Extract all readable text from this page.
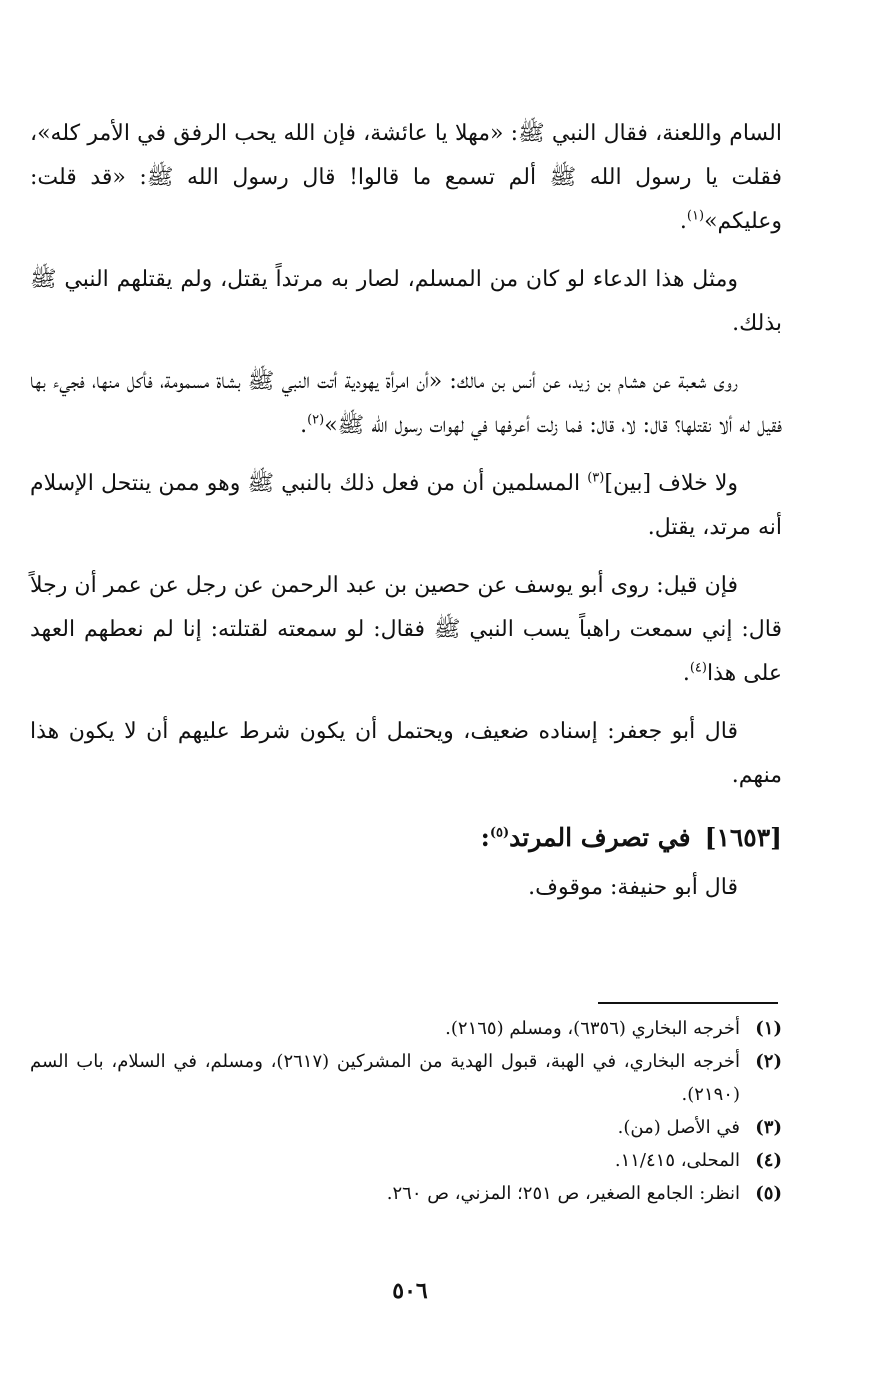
السام واللعنة، فقال النبي ﷺ: «مهلا يا عائشة، فإن الله يحب الرفق في الأمر كله»، فقلت يا رسول الله ﷺ ألم تسمع ما قالوا! قال رسول الله ﷺ: «قد قلت: وعليكم»$^{(١)}$.

ومثل هذا الدعاء لو كان من المسلم، لصار به مرتداً يقتل، ولم يقتلهم النبي ﷺ بذلك.

روى شعبة عن هشام بن زيد، عن أنس بن مالك: «أن امرأة يهودية أتت النبي ﷺ بشاة مسمومة، فأكل منها، فجيء بها فقيل له ألا نقتلها؟ قال: لا، قال: فما زلت أعرفها في لهوات رسول الله ﷺ»$^{(٢)}$.

ولا خلاف [بين]$^{(٣)}$ المسلمين أن من فعل ذلك بالنبي ﷺ وهو ممن ينتحل الإسلام أنه مرتد، يقتل.

فإن قيل: روى أبو يوسف عن حصين بن عبد الرحمن عن رجل عن عمر أن رجلاً قال: إني سمعت راهباً يسب النبي ﷺ فقال: لو سمعته لقتلته: إنا لم نعطهم العهد على هذا$^{(٤)}$.

قال أبو جعفر: إسناده ضعيف، ويحتمل أن يكون شرط عليهم أن لا يكون هذا منهم.

[١٦٥٣]في تصرف المرتد$^{(٥)}$:

قال أبو حنيفة: موقوف.

(١)
أخرجه البخاري (٦٣٥٦)، ومسلم (٢١٦٥).
(٢)
أخرجه البخاري، في الهبة، قبول الهدية من المشركين (٢٦١٧)، ومسلم، في السلام، باب السم (٢١٩٠).
(٣)
في الأصل (من).
(٤)
المحلى، ١١/٤١٥.
(٥)
انظر: الجامع الصغير، ص ٢٥١؛ المزني، ص ٢٦٠.
٥٠٦
